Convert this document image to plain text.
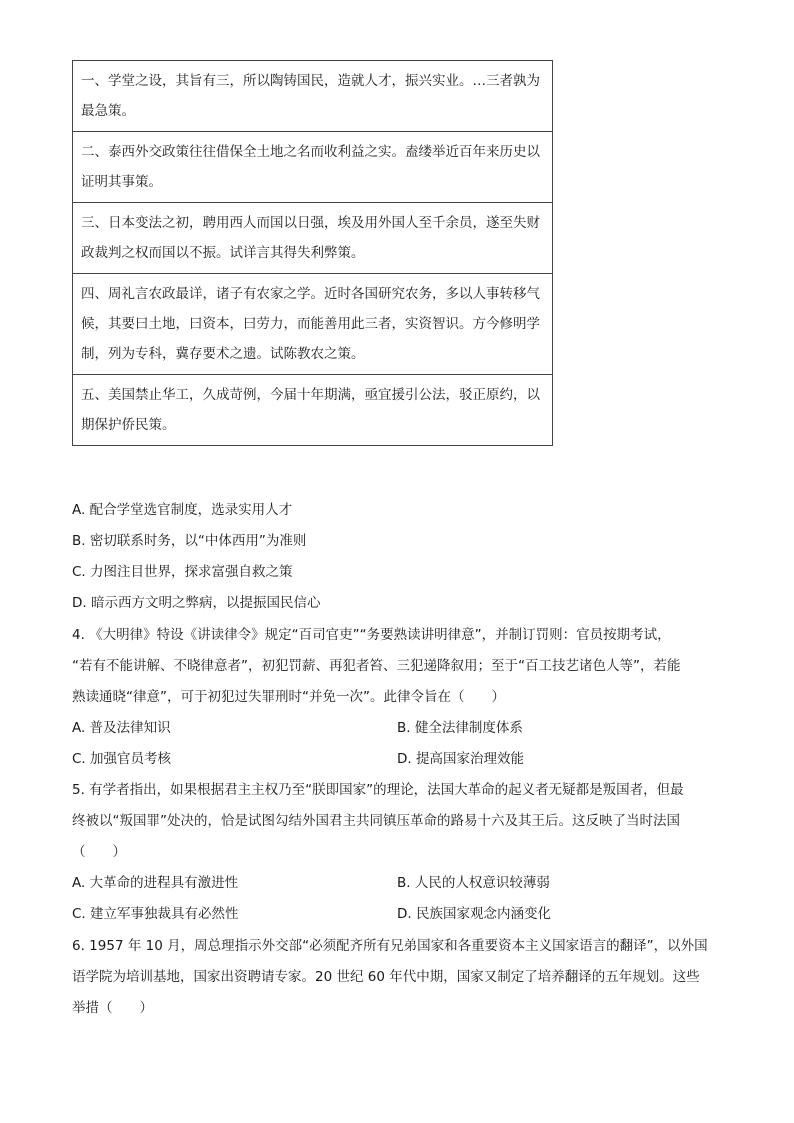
一、学堂之设，其旨有三，所以陶铸国民，造就人才，振兴实业。…三者孰为最急策。
二、泰西外交政策往往借保全土地之名而收利益之实。盍缕举近百年来历史以证明其事策。
三、日本变法之初，聘用西人而国以日强，埃及用外国人至千余员，遂至失财政裁判之权而国以不振。试详言其得失利弊策。
四、周礼言农政最详，诸子有农家之学。近时各国研究农务，多以人事转移气候，其要曰土地，曰资本，曰劳力，而能善用此三者，实资智识。方今修明学制，列为专科，冀存要术之遗。试陈教农之策。
五、美国禁止华工，久成苛例，今届十年期满，亟宜援引公法，驳正原约，以期保护侨民策。
A. 配合学堂选官制度，选录实用人才
B. 密切联系时务，以“中体西用”为准则
C. 力图注目世界，探求富强自救之策
D. 暗示西方文明之弊病，以提振国民信心
4. 《大明律》特设《讲读律令》规定“百司官吏”“务要熟读讲明律意”，并制订罚则：官员按期考试，
“若有不能讲解、不晓律意者”，初犯罚薪、再犯者笞、三犯递降叙用；至于“百工技艺诸色人等”，若能
熟读通晓“律意”，可于初犯过失罪刑时“并免一次”。此律令旨在（　　）
A. 普及法律知识	B. 健全法律制度体系
C. 加强官员考核	D. 提高国家治理效能
5. 有学者指出，如果根据君主主权乃至“朕即国家”的理论，法国大革命的起义者无疑都是叛国者，但最
终被以“叛国罪”处决的，恰是试图勾结外国君主共同镇压革命的路易十六及其王后。这反映了当时法国
（　　）
A. 大革命的进程具有激进性	B. 人民的人权意识较薄弱
C. 建立军事独裁具有必然性	D. 民族国家观念内涵变化
6. 1957 年 10 月，周总理指示外交部“必须配齐所有兄弟国家和各重要资本主义国家语言的翻译”，以外国
语学院为培训基地，国家出资聘请专家。20 世纪 60 年代中期，国家又制定了培养翻译的五年规划。这些
举措（　　）
